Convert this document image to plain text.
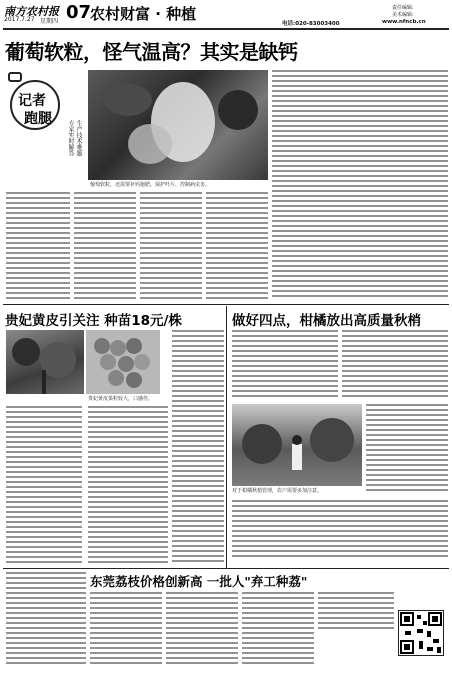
南方农村报
2017.7.27 星期四 07
农村财富 · 种植	责任编辑:
美术编辑:
电话:020-83003400	www.nfncb.cn
葡萄软粒，怪气温高？其实是缺钙
记者
跑腿
生产技术难题
专家实时解答
葡萄软粒，还需要补钙施肥、保护叶片、控制病虫害。
贵妃黄皮引关注 种苗18元/株
贵妃黄皮果粒较大，口感佳。
做好四点，柑橘放出高质量秋梢
对于柑橘秋梢管理，农户需要多加注意。
东莞荔枝价格创新高 一批人"弃工种荔"
